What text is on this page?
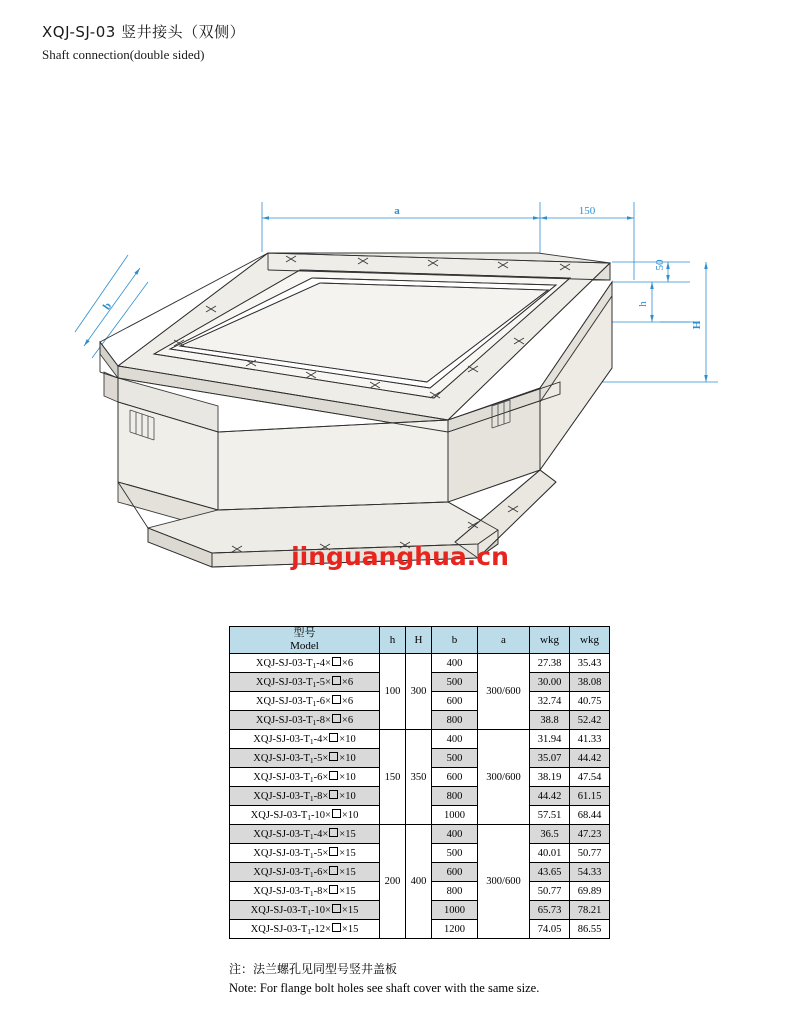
XQJ-SJ-03 竖井接头（双侧）
Shaft connection(double sided)
a	150
b
50
h
H
jinguanghua.cn
型号
Model	h	H	b	a	wkg	wkg
XQJ-$SJ-03-T_1-4\times \times 6$	100	300	400	300/600	27.38	35.43
XQJ-$SJ-03-T_1-5\times \times 6$			500		30.00	38.08
XQJ-$SJ-03-T_1-6\times \times 6$			600		32.74	40.75
XQJ-$SJ-03-T_1-8\times \times 6$			800		38.8	52.42
XQJ-$SJ-03-T_1-4\times \times 10$	150	350	400	300/600	31.94	41.33
XQJ-$SJ-03-T_1-5\times \times 10$			500		35.07	44.42
XQJ-$SJ-03-T_1-6\times \times 10$			600		38.19	47.54
XQJ-$SJ-03-T_1-8\times \times 10$			800		44.42	61.15
XQJ-$SJ-03-T_1-10\times \times 10$			1000		57.51	68.44
XQJ-$SJ-03-T_1-4\times \times 15$	200	400	400	300/600	36.5	47.23
XQJ-$SJ-03-T_1-5\times \times 15$			500		40.01	50.77
XQJ-$SJ-03-T_1-6\times \times 15$			600		43.65	54.33
XQJ-$SJ-03-T_1-8\times \times 15$			800		50.77	69.89
XQJ-$SJ-03-T_1-10\times \times 15$			1000		65.73	78.21
XQJ-$SJ-03-T_1-12\times \times 15$			1200		74.05	86.55
注：法兰螺孔见同型号竖井盖板
Note: For flange bolt holes see shaft cover with the same size.
